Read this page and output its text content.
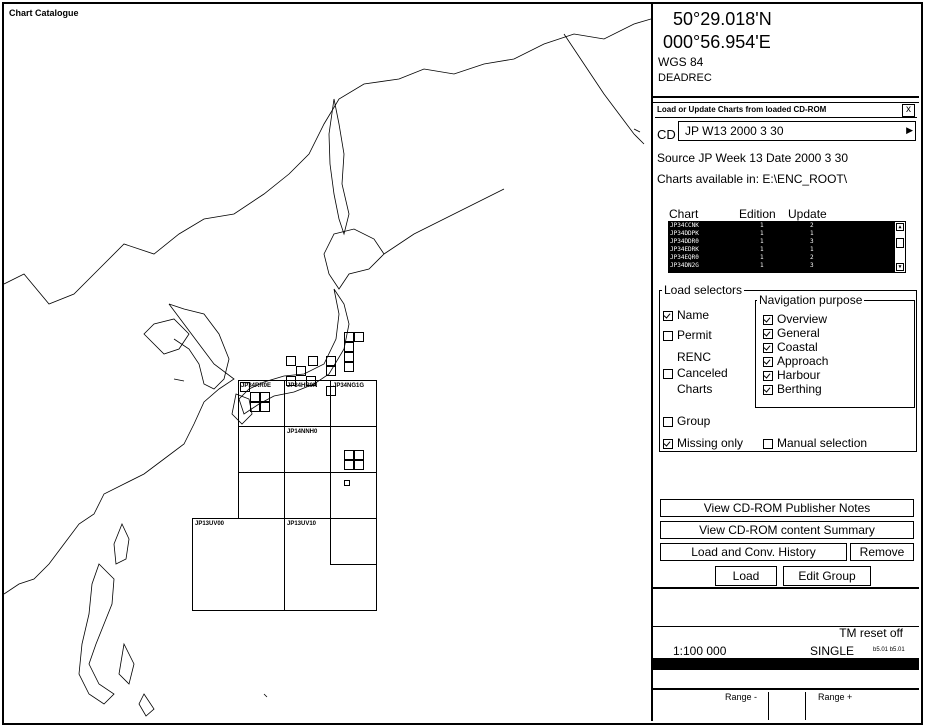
Chart Catalogue
JP34RR0E	JP34HR0N	JP34NG1G
JP14NNH0
JP13UV00	JP13UV10
50°29.018'N
000°56.954'E
WGS 84
DEADREC
Load or Update Charts from loaded CD-ROM	x
CD JP W13 2000 3 30	▶
Source JP Week 13 Date 2000 3 30
Charts available in: E:\ENC_ROOT\
Chart	Edition Update
JP34CCNK	1	2
JP34DDPK	1	1
JP34DDR0	1	3
JP34EDRK	1	1
JP34EQR0	1	2
JP34DN2G	1	3
▲
▼
Load selectors
Name
Permit
RENC
Canceled
Charts
Group
Missing only	Manual selection
Navigation purpose
Overview
General
Coastal
Approach
Harbour
Berthing
View CD-ROM Publisher Notes
View CD-ROM content Summary
Load and Conv. History	Remove
Load	Edit Group
TM reset off
1:100 000	SINGLE	b5.01 b5.01
Range -	Range +
